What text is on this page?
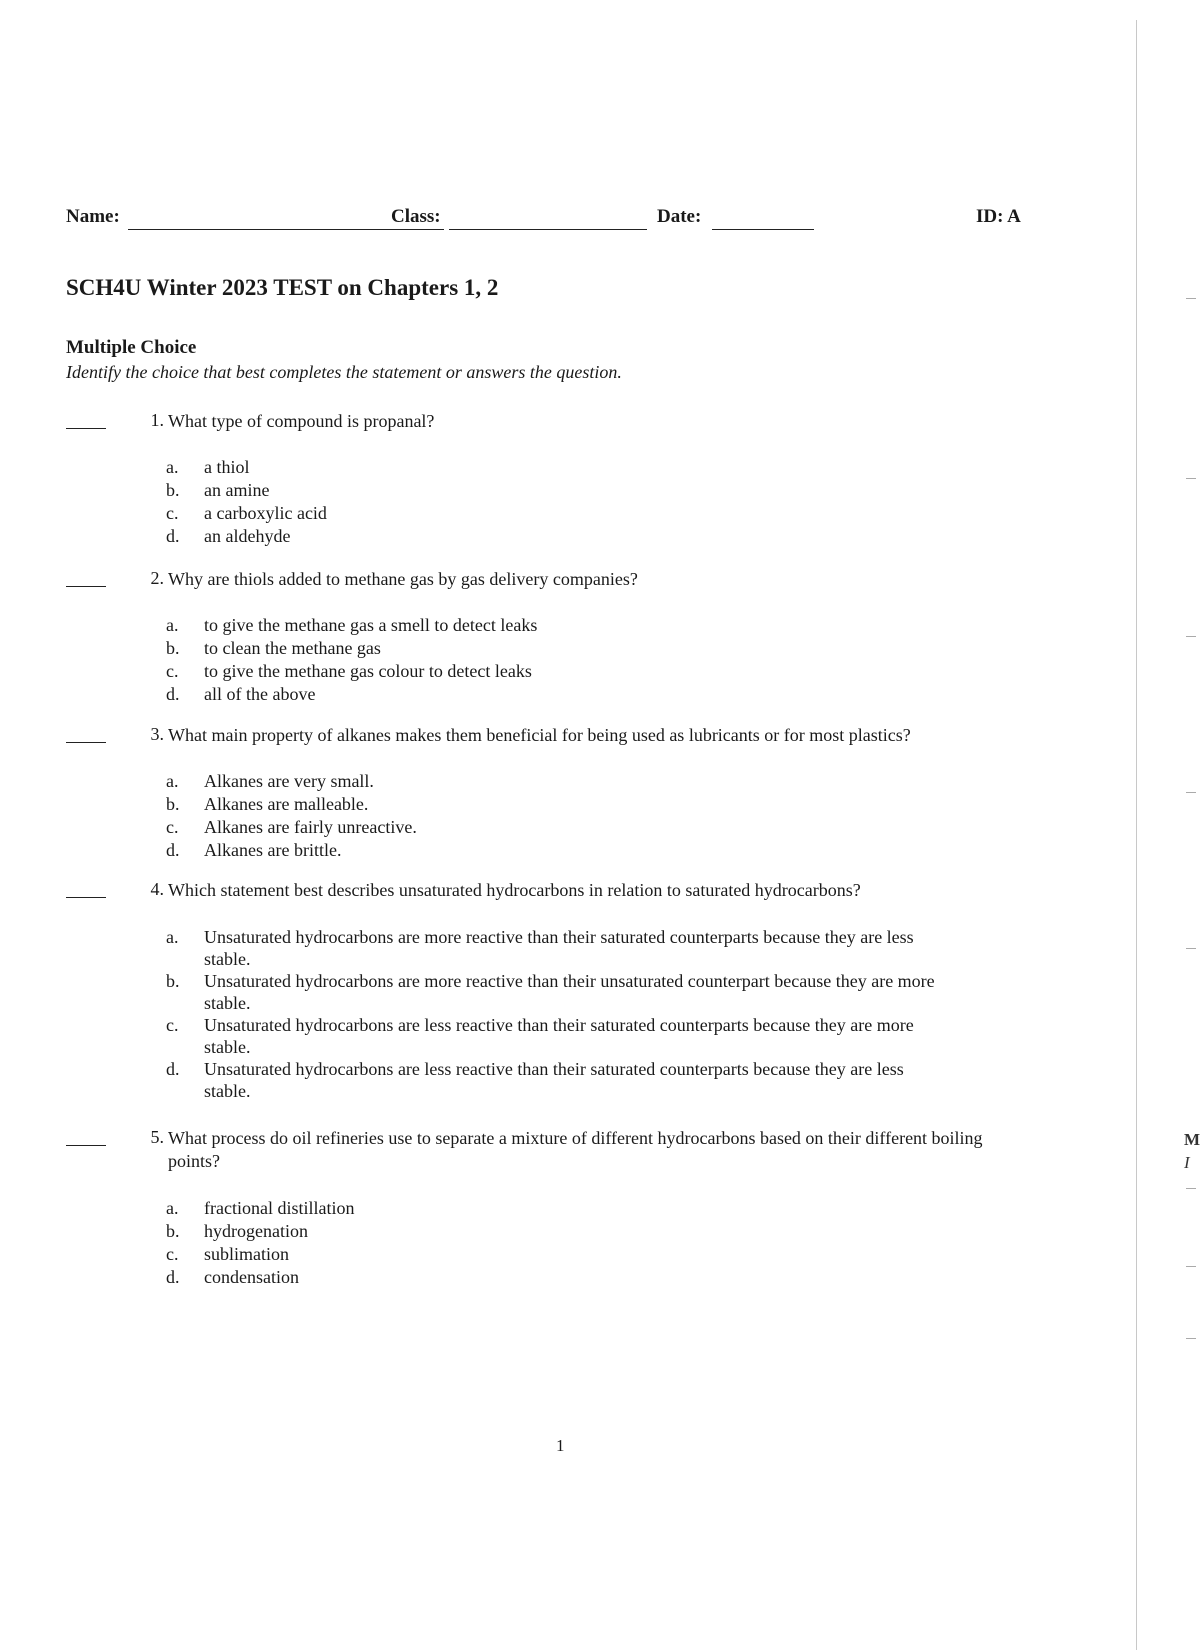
Name:	Class:	Date:	ID: A
SCH4U Winter 2023 TEST on Chapters 1, 2
Multiple Choice
Identify the choice that best completes the statement or answers the question.
1. What type of compound is propanal?
a.	a thiol
b.	an amine
c.	a carboxylic acid
d.	an aldehyde
2. Why are thiols added to methane gas by gas delivery companies?
a.	to give the methane gas a smell to detect leaks
b.	to clean the methane gas
c.	to give the methane gas colour to detect leaks
d.	all of the above
3. What main property of alkanes makes them beneficial for being used as lubricants or for most plastics?
a.	Alkanes are very small.
b.	Alkanes are malleable.
c.	Alkanes are fairly unreactive.
d.	Alkanes are brittle.
4. Which statement best describes unsaturated hydrocarbons in relation to saturated hydrocarbons?
a.	Unsaturated hydrocarbons are more reactive than their saturated counterparts because they are less stable.
b.	Unsaturated hydrocarbons are more reactive than their unsaturated counterpart because they are more stable.
c.	Unsaturated hydrocarbons are less reactive than their saturated counterparts because they are more stable.
d.	Unsaturated hydrocarbons are less reactive than their saturated counterparts because they are less stable.
5. What process do oil refineries use to separate a mixture of different hydrocarbons based on their different boiling points?
a.	fractional distillation
b.	hydrogenation
c.	sublimation
d.	condensation
1
M
I
